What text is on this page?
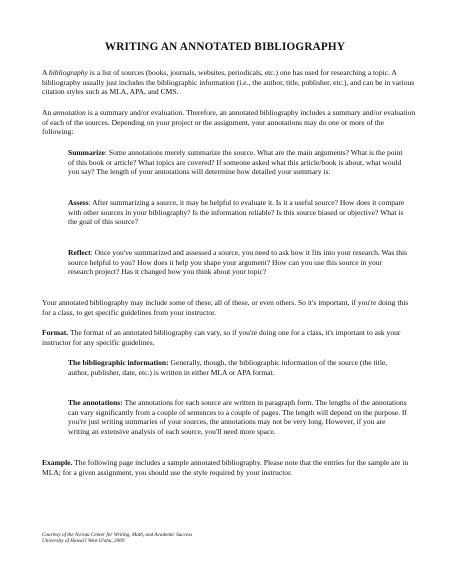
WRITING AN ANNOTATED BIBLIOGRAPHY

A bibliography is a list of sources (books, journals, websites, periodicals, etc.) one has used for researching a topic. A bibliography usually just includes the bibliographic information (i.e., the author, title, publisher, etc.), and can be in various citation styles such as MLA, APA, and CMS.

An annotation is a summary and/or evaluation. Therefore, an annotated bibliography includes a summary and/or evaluation of each of the sources. Depending on your project or the assignment, your annotations may do one or more of the following:

Summarize: Some annotations merely summarize the source. What are the main arguments? What is the point of this book or article? What topics are covered? If someone asked what this article/book is about, what would you say? The length of your annotations will determine how detailed your summary is.

Assess: After summarizing a source, it may be helpful to evaluate it. Is it a useful source? How does it compare with other sources in your bibliography? Is the information reliable? Is this source biased or objective? What is the goal of this source?

Reflect: Once you've summarized and assessed a source, you need to ask how it fits into your research. Was this source helpful to you? How does it help you shape your argument? How can you use this source in your research project? Has it changed how you think about your topic?

Your annotated bibliography may include some of these, all of these, or even others. So it's important, if you're doing this for a class, to get specific guidelines from your instructor.

Format. The format of an annotated bibliography can vary, so if you're doing one for a class, it's important to ask your instructor for any specific guidelines.

The bibliographic information: Generally, though, the bibliographic information of the source (the title, author, publisher, date, etc.) is written in either MLA or APA format.

The annotations: The annotations for each source are written in paragraph form. The lengths of the annotations can vary significantly from a couple of sentences to a couple of pages. The length will depend on the purpose. If you're just writing summaries of your sources, the annotations may not be very long. However, if you are writing an extensive analysis of each source, you'll need more space.

Example. The following page includes a sample annotated bibliography. Please note that the entries for the sample are in MLA; for a given assignment, you should use the style required by your instructor.

Courtesy of the No'eau Center for Writing, Math, and Academic Success
University of Hawai'i West O'ahu, 2009
